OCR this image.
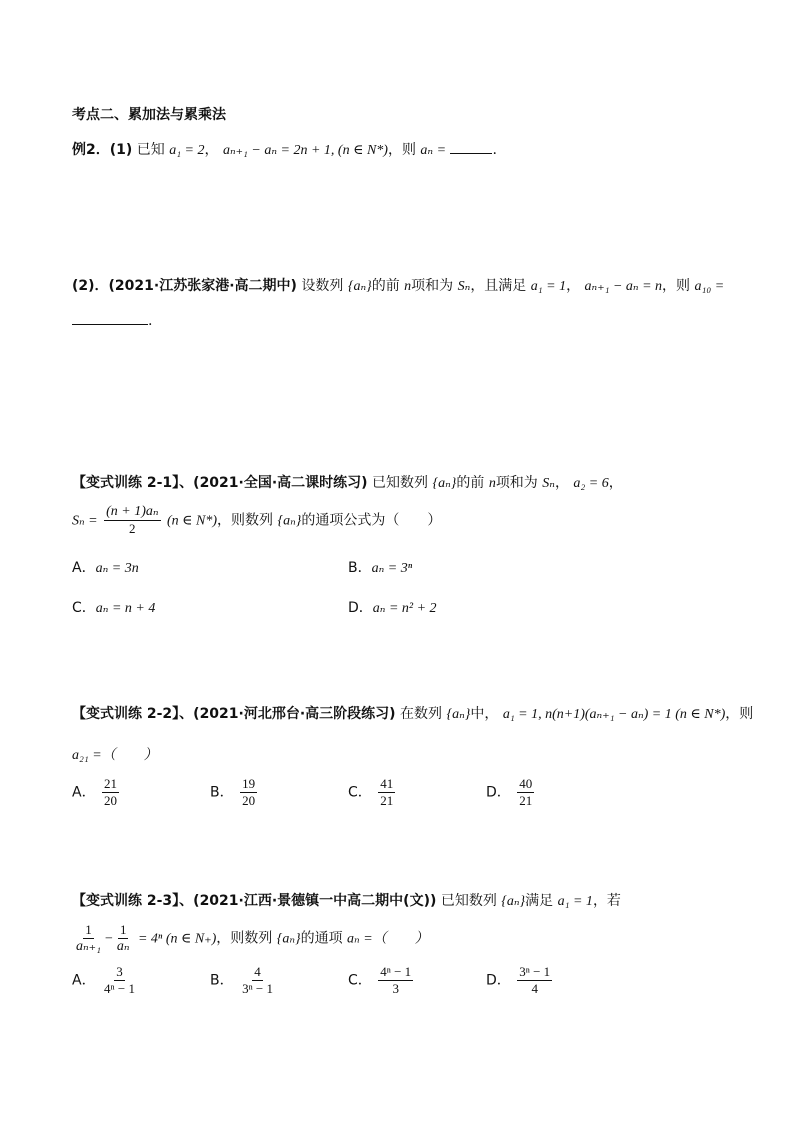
考点二、累加法与累乘法
例2．(1) 已知 a₁ = 2， aₙ₊₁ − aₙ = 2n + 1, (n ∈ N*)，则 aₙ =	.
(2)．(2021·江苏张家港·高二期中) 设数列 {aₙ}的前 n项和为 Sₙ，且满足 a₁ = 1， aₙ₊₁ − aₙ = n，则 a₁₀ =
.
【变式训练 2-1】、(2021·全国·高二课时练习) 已知数列 {aₙ}的前 n项和为 Sₙ， a₂ = 6，
$S_n = \frac{\text{(n + 1)aₙ}}{2} (n$ ∈ N*)，则数列 {aₙ}的通项公式为（　　）
A．aₙ = 3n	B．aₙ = 3ⁿ
C．aₙ = n + 4	D．aₙ = n² + 2
【变式训练 2-2】、(2021·河北邢台·高三阶段练习) 在数列 {aₙ}中， a₁ = 1, n(n+1)(aₙ₊₁ − aₙ) = 1 (n ∈ N*)，则
a₂₁ =（　　）
A． $\frac{21}{20}$	B． $\frac{19}{20}$	C． $\frac{41}{21}$	D． $\frac{40}{21}$
【变式训练 2-3】、(2021·江西·景德镇一中高二期中(文)) 已知数列 {aₙ}满足 a₁ = 1，若
$\frac{1}{\text{aₙ₊₁}} - \frac{1}{\text{aₙ}} = 4^n$ (n ∈ N₊)，则数列 {aₙ}的通项 aₙ =（　　）
A． $\frac{3}{\text{4ⁿ − 1}}$	B． $\frac{4}{\text{3ⁿ − 1}}$	C． $\frac{\text{4ⁿ − 1}}{3}$	D． $\frac{\text{3ⁿ − 1}}{4}$
